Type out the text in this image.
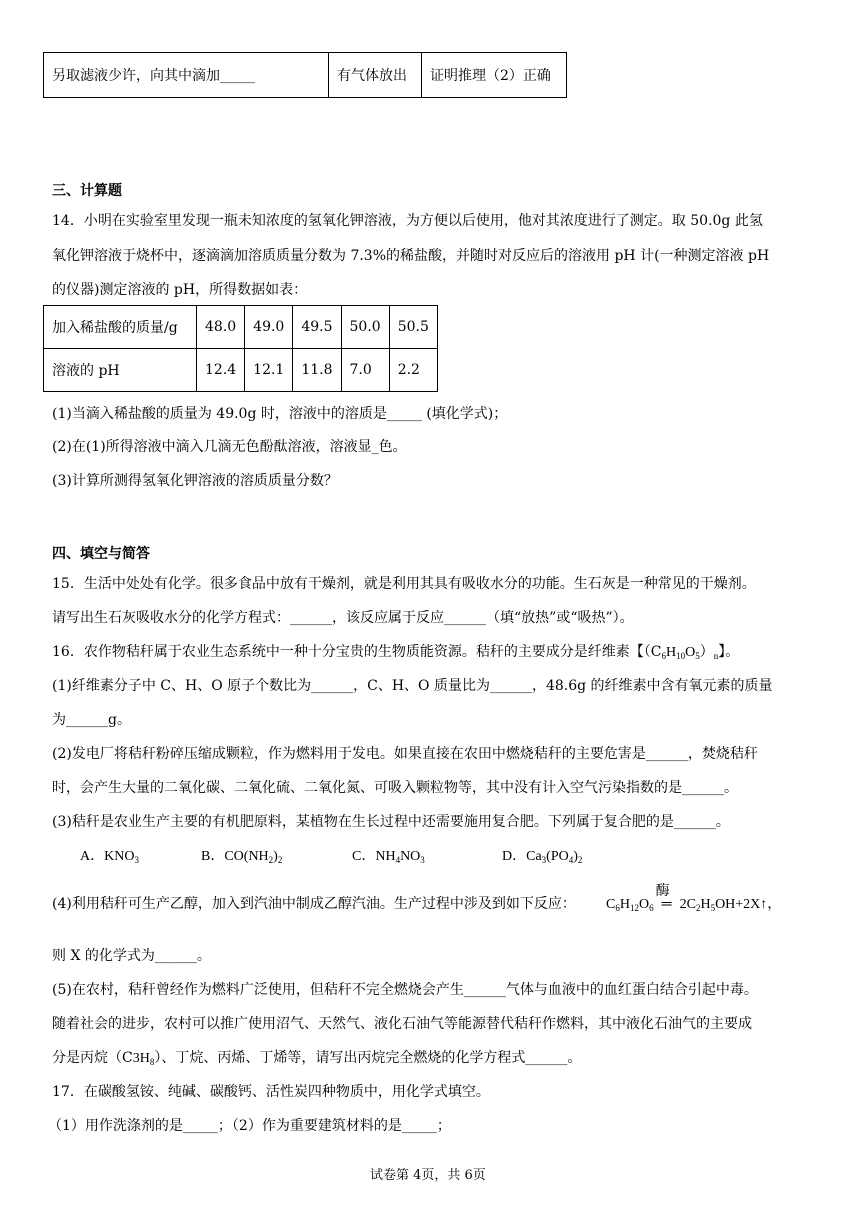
另取滤液少许，向其中滴加_____	有气体放出	证明推理（2）正确
三、计算题
14．小明在实验室里发现一瓶未知浓度的氢氧化钾溶液，为方便以后使用，他对其浓度进行了测定。取 50.0g 此氢
氧化钾溶液于烧杯中，逐滴滴加溶质质量分数为 7.3%的稀盐酸，并随时对反应后的溶液用 pH 计(一种测定溶液 pH
的仪器)测定溶液的 pH，所得数据如表：
加入稀盐酸的质量/g	48.0	49.0	49.5	50.0	50.5
溶液的 pH	12.4	12.1	11.8	7.0	2.2
(1)当滴入稀盐酸的质量为 49.0g 时，溶液中的溶质是_____ (填化学式)；
(2)在(1)所得溶液中滴入几滴无色酚酞溶液，溶液显_色。
(3)计算所测得氢氧化钾溶液的溶质质量分数？
四、填空与简答
15．生活中处处有化学。很多食品中放有干燥剂，就是利用其具有吸收水分的功能。生石灰是一种常见的干燥剂。
请写出生石灰吸收水分的化学方程式：______，该反应属于反应______（填“放热”或“吸热”）。
16．农作物秸秆属于农业生态系统中一种十分宝贵的生物质能资源。秸秆的主要成分是纤维素【$(C_6H_{10}O_5)_n$】。
(1)纤维素分子中 C、H、O 原子个数比为______，C、H、O 质量比为______，48.6g 的纤维素中含有氧元素的质量
为______g。
(2)发电厂将秸秆粉碎压缩成颗粒，作为燃料用于发电。如果直接在农田中燃烧秸秆的主要危害是______，焚烧秸秆
时，会产生大量的二氧化碳、二氧化硫、二氧化氮、可吸入颗粒物等，其中没有计入空气污染指数的是______。
(3)秸秆是农业生产主要的有机肥原料，某植物在生长过程中还需要施用复合肥。下列属于复合肥的是______。
A．$KNO_3$	B．$CO(NH_2)_2$	C．$NH_4NO_3$	D．$Ca_3(PO_4)_2$
(4)利用秸秆可生产乙醇，加入到汽油中制成乙醇汽油。生产过程中涉及到如下反应： $C_6H_{12}O_6$
酶
═ $2C_2H_5OH+2X↑$，
则 X 的化学式为______。
(5)在农村，秸秆曾经作为燃料广泛使用，但秸秆不完全燃烧会产生______气体与血液中的血红蛋白结合引起中毒。
随着社会的进步，农村可以推广使用沼气、天然气、液化石油气等能源替代秸秆作燃料，其中液化石油气的主要成
分是丙烷$(C3H_8)$、丁烷、丙烯、丁烯等，请写出丙烷完全燃烧的化学方程式______。
17．在碳酸氢铵、纯碱、碳酸钙、活性炭四种物质中，用化学式填空。
（1）用作洗涤剂的是_____；（2）作为重要建筑材料的是_____；
试卷第 4页，共 6页
